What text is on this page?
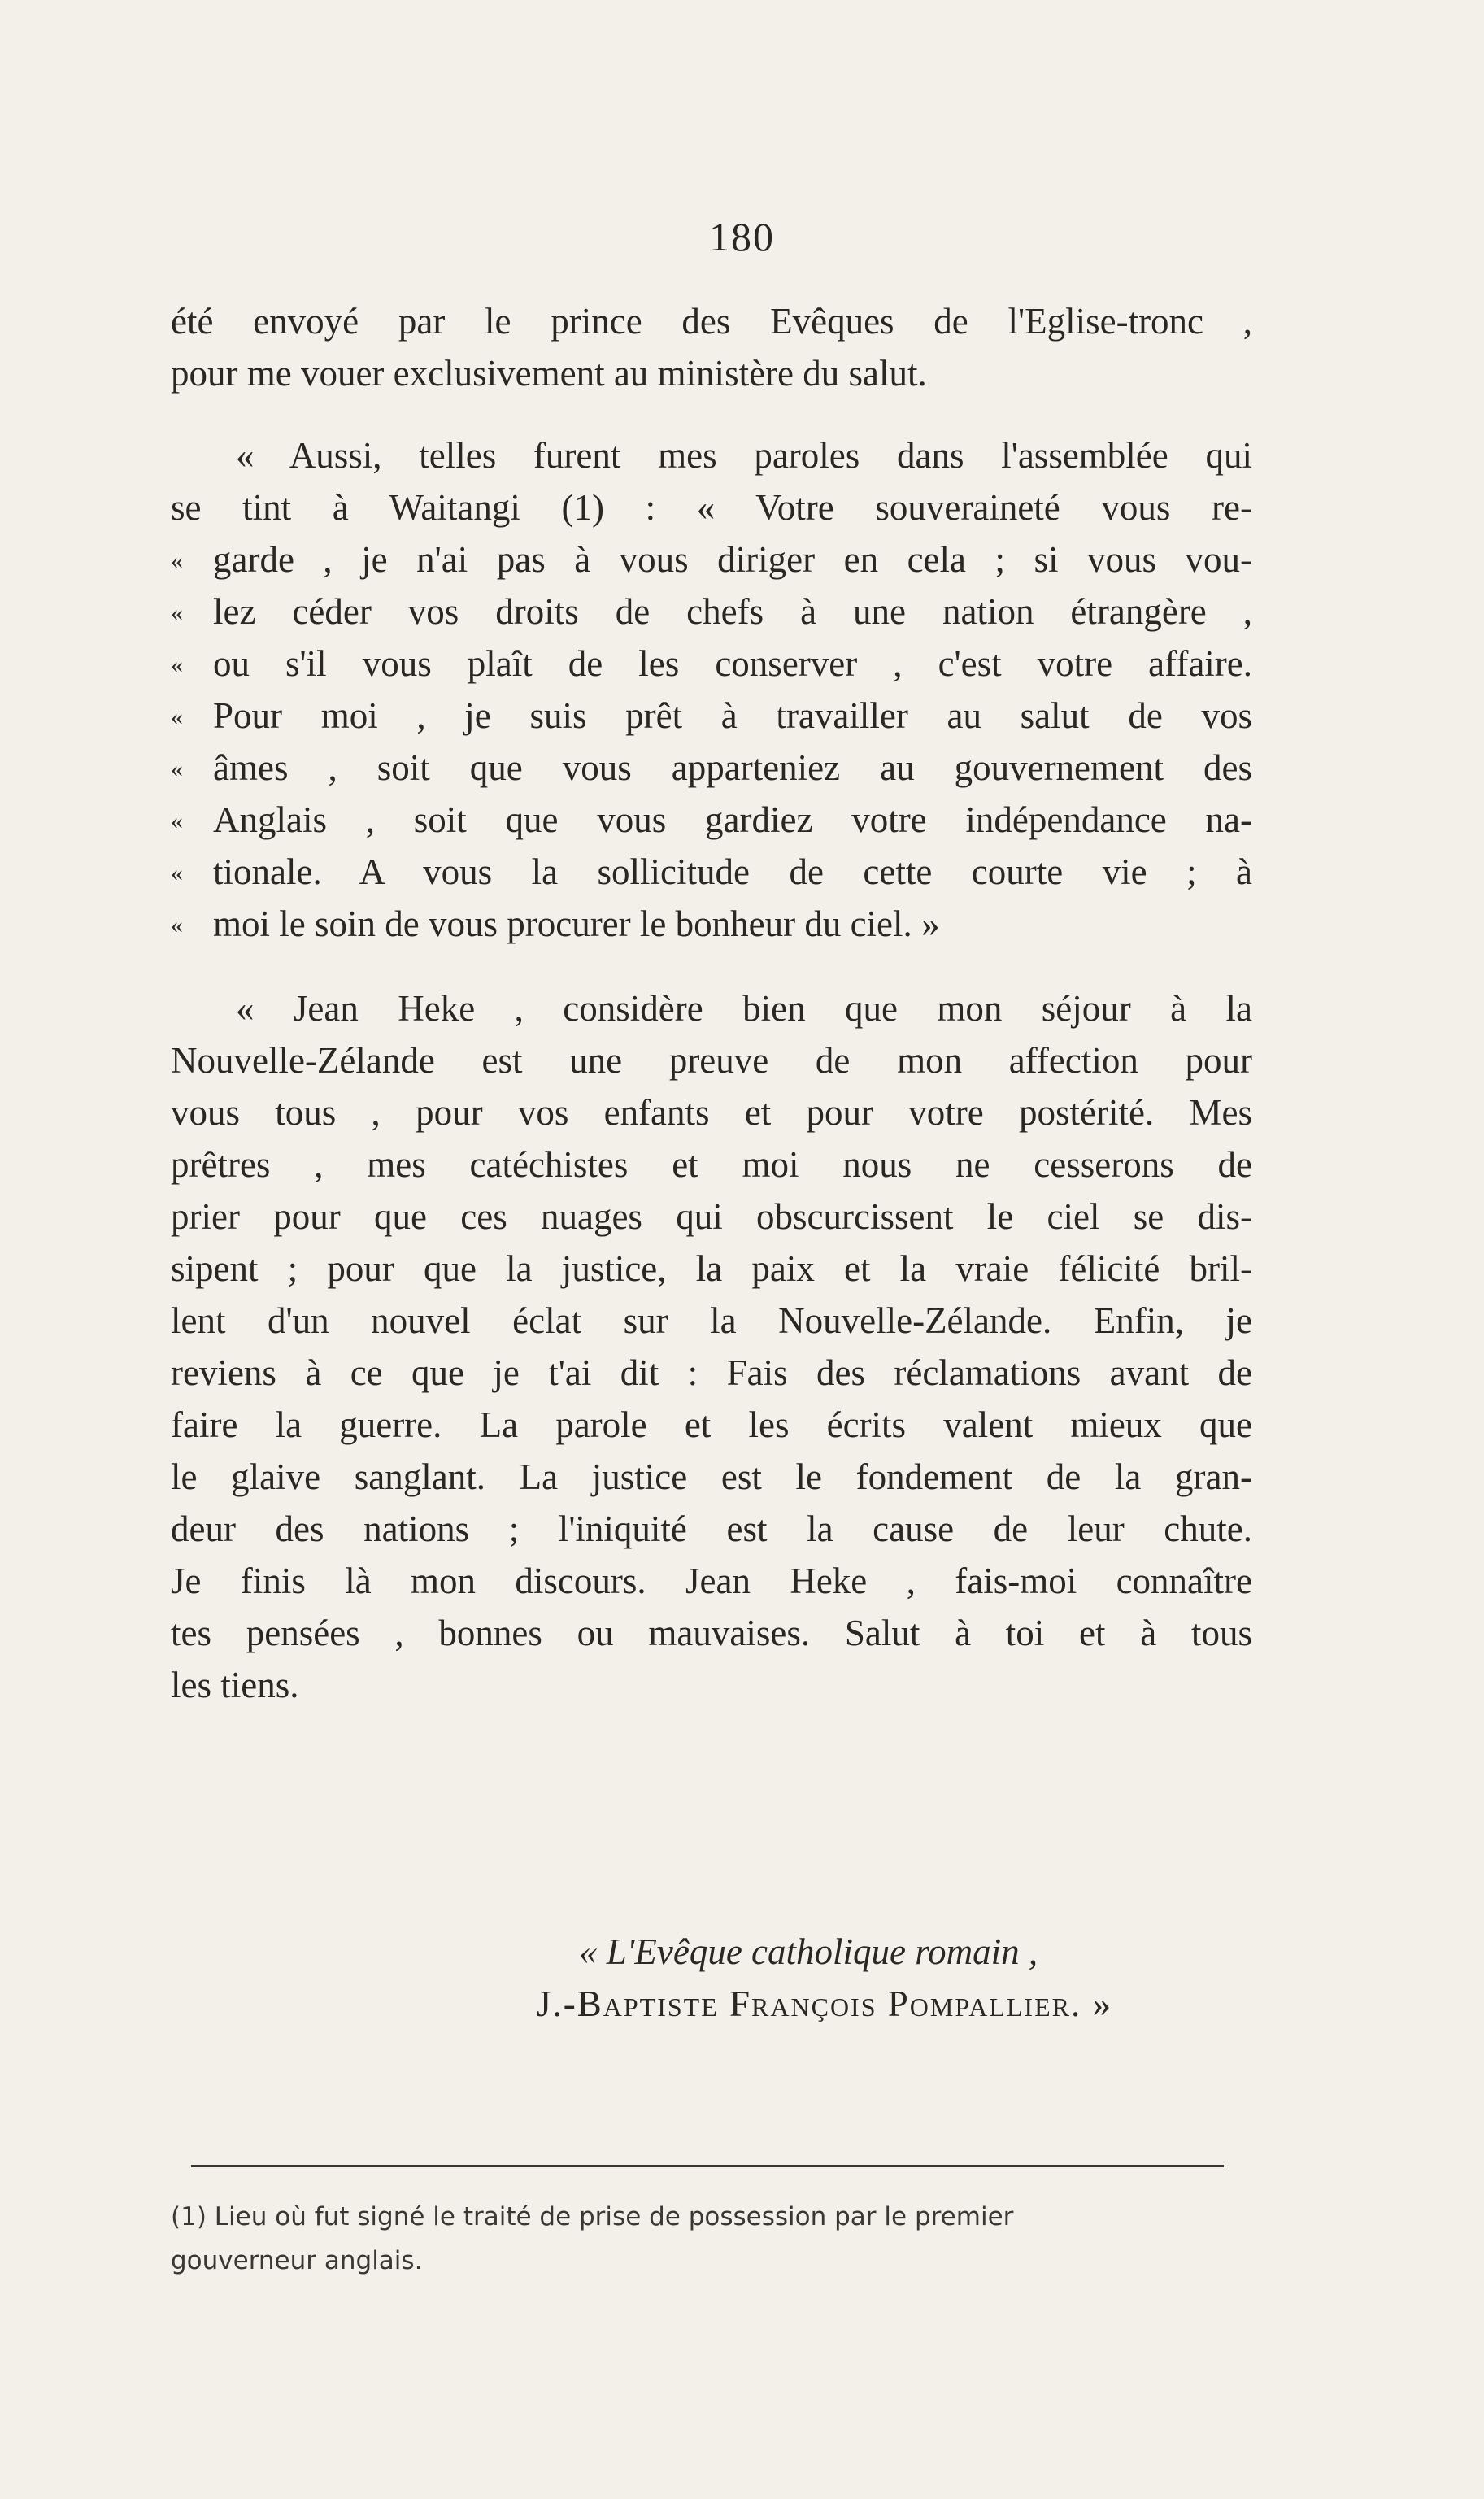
180
été envoyé par le prince des Evêques de l'Eglise-tronc ,
pour me vouer exclusivement au ministère du salut.
« Aussi, telles furent mes paroles dans l'assemblée qui
se tint à Waitangi (1) : « Votre souveraineté vous re-
« garde , je n'ai pas à vous diriger en cela ; si vous vou-
« lez céder vos droits de chefs à une nation étrangère ,
« ou s'il vous plaît de les conserver , c'est votre affaire.
« Pour moi , je suis prêt à travailler au salut de vos
« âmes , soit que vous apparteniez au gouvernement des
« Anglais , soit que vous gardiez votre indépendance na-
« tionale. A vous la sollicitude de cette courte vie ; à
« moi le soin de vous procurer le bonheur du ciel. »
« Jean Heke , considère bien que mon séjour à la
Nouvelle-Zélande est une preuve de mon affection pour
vous tous , pour vos enfants et pour votre postérité. Mes
prêtres , mes catéchistes et moi nous ne cesserons de
prier pour que ces nuages qui obscurcissent le ciel se dis-
sipent ; pour que la justice, la paix et la vraie félicité bril-
lent d'un nouvel éclat sur la Nouvelle-Zélande. Enfin, je
reviens à ce que je t'ai dit : Fais des réclamations avant de
faire la guerre. La parole et les écrits valent mieux que
le glaive sanglant. La justice est le fondement de la gran-
deur des nations ; l'iniquité est la cause de leur chute.
Je finis là mon discours. Jean Heke , fais-moi connaître
tes pensées , bonnes ou mauvaises. Salut à toi et à tous
les tiens.
« L'Evêque catholique romain ,
J.-Baptiste François Pompallier. »
(1) Lieu où fut signé le traité de prise de possession par le premier
gouverneur anglais.
